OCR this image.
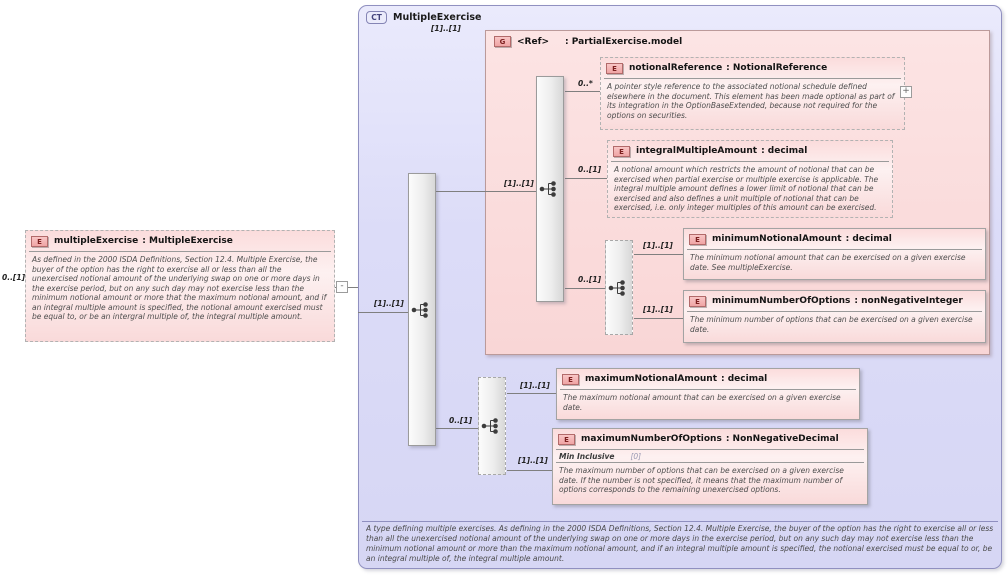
0..[1]
E	multipleExercise : MultipleExercise
As defined in the 2000 ISDA Definitions, Section 12.4. Multiple Exercise, the buyer of the option has the right to exercise all or less than all the unexercised notional amount of the underlying swap on one or more days in the exercise period, but on any such day may not exercise less than the minimum notional amount or more that the maximum notional amount, and if an integral multiple amount is specified, the notional amount exercised must be equal to, or be an intergral multiple of, the integral multiple amount.
-
CT	MultipleExercise
G	<Ref> : PartialExercise.model
E	notionalReference : NotionalReference
A pointer style reference to the associated notional schedule defined elsewhere in the document. This element has been made optional as part of its integration in the OptionBaseExtended, because not required for the options on securities.
+
E	integralMultipleAmount : decimal
A notional amount which restricts the amount of notional that can be exercised when partial exercise or multiple exercise is applicable. The integral multiple amount defines a lower limit of notional that can be exercised and also defines a unit multiple of notional that can be exercised, i.e. only integer multiples of this amount can be exercised.
E	minimumNotionalAmount : decimal
The minimum notional amount that can be exercised on a given exercise date. See multipleExercise.
E	minimumNumberOfOptions : nonNegativeInteger
The minimum number of options that can be exercised on a given exercise date.
E	maximumNotionalAmount : decimal
The maximum notional amount that can be exercised on a given exercise date.
E	maximumNumberOfOptions : NonNegativeDecimal
Min Inclusive [0]
The maximum number of options that can be exercised on a given exercise date. If the number is not specified, it means that the maximum number of options corresponds to the remaining unexercised options.
A type defining multiple exercises. As defining in the 2000 ISDA Definitions, Section 12.4. Multiple Exercise, the buyer of the option has the right to exercise all or less than all the unexercised notional amount of the underlying swap on one or more days in the exercise period, but on any such day may not exercise less than the minimum notional amount or more than the maximum notional amount, and if an integral multiple amount is specified, the notional exercised must be equal to or, be an integral multiple of, the integral multiple amount.
[1]..[1]
[1]..[1]
[1]..[1]
0..*
0..[1]
0..[1]
[1]..[1]
[1]..[1]
0..[1]
[1]..[1]
[1]..[1]
